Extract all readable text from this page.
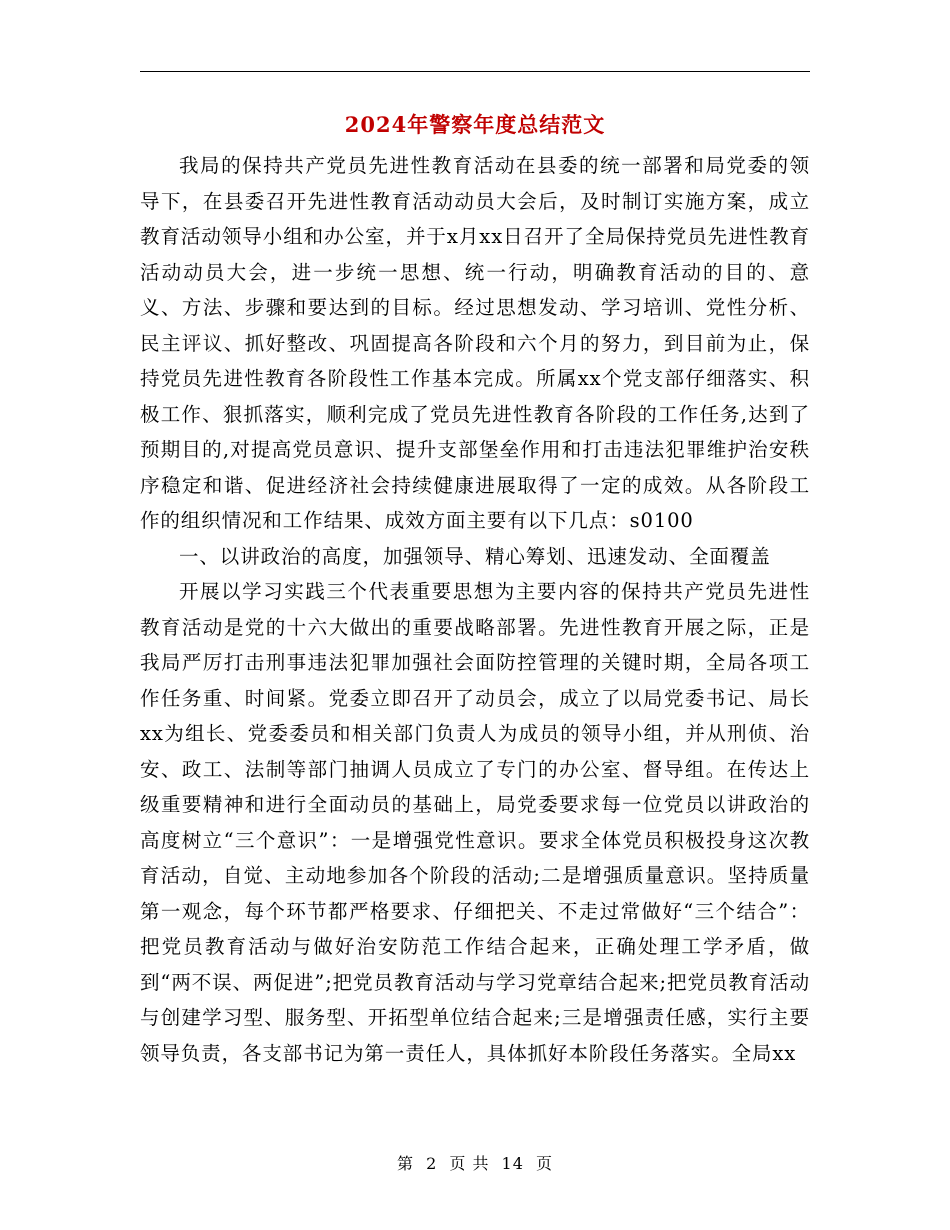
2024年警察年度总结范文

我局的保持共产党员先进性教育活动在县委的统一部署和局党委的领导下，在县委召开先进性教育活动动员大会后，及时制订实施方案，成立教育活动领导小组和办公室，并于x月xx日召开了全局保持党员先进性教育活动动员大会，进一步统一思想、统一行动，明确教育活动的目的、意义、方法、步骤和要达到的目标。经过思想发动、学习培训、党性分析、民主评议、抓好整改、巩固提高各阶段和六个月的努力，到目前为止，保持党员先进性教育各阶段性工作基本完成。所属xx个党支部仔细落实、积极工作、狠抓落实，顺利完成了党员先进性教育各阶段的工作任务,达到了预期目的,对提高党员意识、提升支部堡垒作用和打击违法犯罪维护治安秩序稳定和谐、促进经济社会持续健康进展取得了一定的成效。从各阶段工作的组织情况和工作结果、成效方面主要有以下几点：s0100

一、以讲政治的高度，加强领导、精心筹划、迅速发动、全面覆盖

开展以学习实践三个代表重要思想为主要内容的保持共产党员先进性教育活动是党的十六大做出的重要战略部署。先进性教育开展之际，正是我局严厉打击刑事违法犯罪加强社会面防控管理的关键时期，全局各项工作任务重、时间紧。党委立即召开了动员会，成立了以局党委书记、局长xx为组长、党委委员和相关部门负责人为成员的领导小组，并从刑侦、治安、政工、法制等部门抽调人员成立了专门的办公室、督导组。在传达上级重要精神和进行全面动员的基础上，局党委要求每一位党员以讲政治的高度树立“三个意识”：一是增强党性意识。要求全体党员积极投身这次教育活动，自觉、主动地参加各个阶段的活动;二是增强质量意识。坚持质量第一观念，每个环节都严格要求、仔细把关、不走过常做好“三个结合”：把党员教育活动与做好治安防范工作结合起来，正确处理工学矛盾，做到“两不误、两促进”;把党员教育活动与学习党章结合起来;把党员教育活动与创建学习型、服务型、开拓型单位结合起来;三是增强责任感，实行主要领导负责，各支部书记为第一责任人，具体抓好本阶段任务落实。全局xx

第 2 页 共 14 页
